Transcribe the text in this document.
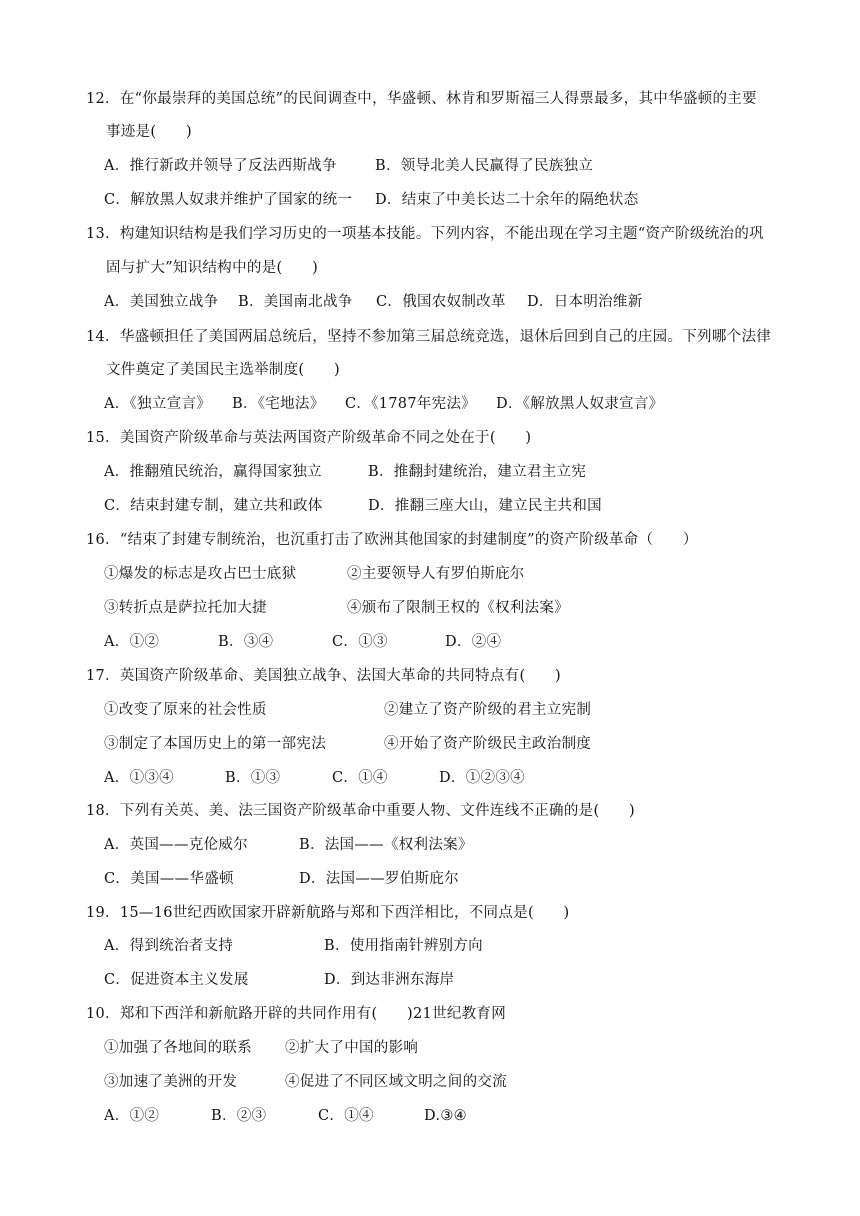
12．在“你最崇拜的美国总统”的民间调查中，华盛顿、林肯和罗斯福三人得票最多，其中华盛顿的主要
事迹是(　　)
A．推行新政并领导了反法西斯战争	B．领导北美人民赢得了民族独立
C．解放黑人奴隶并维护了国家的统一 D．结束了中美长达二十余年的隔绝状态
13．构建知识结构是我们学习历史的一项基本技能。下列内容，不能出现在学习主题“资产阶级统治的巩
固与扩大”知识结构中的是(　　)
A．美国独立战争 B．美国南北战争 C．俄国农奴制改革 D．日本明治维新
14．华盛顿担任了美国两届总统后，坚持不参加第三届总统竞选，退休后回到自己的庄园。下列哪个法律
文件奠定了美国民主选举制度(　　)
A．《独立宣言》 B．《宅地法》 C．《1787年宪法》 D．《解放黑人奴隶宣言》
15．美国资产阶级革命与英法两国资产阶级革命不同之处在于(　　)
A．推翻殖民统治，赢得国家独立	B．推翻封建统治，建立君主立宪
C．结束封建专制，建立共和政体	D．推翻三座大山，建立民主共和国
16．“结束了封建专制统治，也沉重打击了欧洲其他国家的封建制度”的资产阶级革命（　　）
①爆发的标志是攻占巴士底狱	②主要领导人有罗伯斯庇尔
③转折点是萨拉托加大捷	④颁布了限制王权的《权利法案》
A．①②	B．③④	C．①③	D．②④
17．英国资产阶级革命、美国独立战争、法国大革命的共同特点有(　　)
①改变了原来的社会性质	②建立了资产阶级的君主立宪制
③制定了本国历史上的第一部宪法	④开始了资产阶级民主政治制度
A．①③④	B．①③	C．①④	D．①②③④
18．下列有关英、美、法三国资产阶级革命中重要人物、文件连线不正确的是(　　)
A．英国——克伦威尔	B．法国——《权利法案》
C．美国——华盛顿	D．法国——罗伯斯庇尔
19．15—16世纪西欧国家开辟新航路与郑和下西洋相比，不同点是(　　)
A．得到统治者支持	B．使用指南针辨别方向
C．促进资本主义发展	D．到达非洲东海岸
10．郑和下西洋和新航路开辟的共同作用有(　　)21世纪教育网
①加强了各地间的联系 ②扩大了中国的影响
③加速了美洲的开发	④促进了不同区域文明之间的交流
A．①②	B．②③	C．①④	D.③④
